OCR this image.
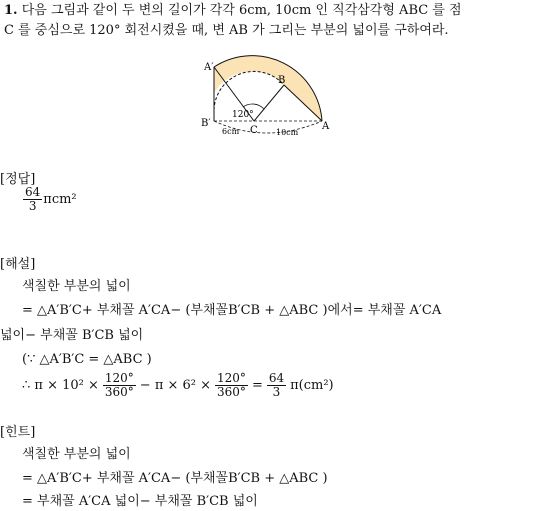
1. 다음 그림과 같이 두 변의 길이가 각각 6cm, 10cm 인 직각삼각형 ABC 를 점
C 를 중심으로 120° 회전시켰을 때, 변 AB 가 그리는 부분의 넓이를 구하여라.
A′
B′
B
C	A
120°
6cm	10cm
[정답]
$\frac{64}{3} \pi cm^2$
[해설]
색칠한 부분의 넓이
= △A′B′C+ 부채꼴 A′CA− (부채꼴B′CB + △ABC )에서= 부채꼴 A′CA
넓이− 부채꼴 B′CB 넓이
(∵ △A′B′C = △ABC )
∴ $\pi \times 10^2 \times \frac{120^\circ}{360^\circ} - \pi \times 6^2 \times \frac{120^\circ}{360^\circ} = \frac{64}{3} \pi(cm^2)$
[힌트]
색칠한 부분의 넓이
= △A′B′C+ 부채꼴 A′CA− (부채꼴B′CB + △ABC )
= 부채꼴 A′CA 넓이− 부채꼴 B′CB 넓이
